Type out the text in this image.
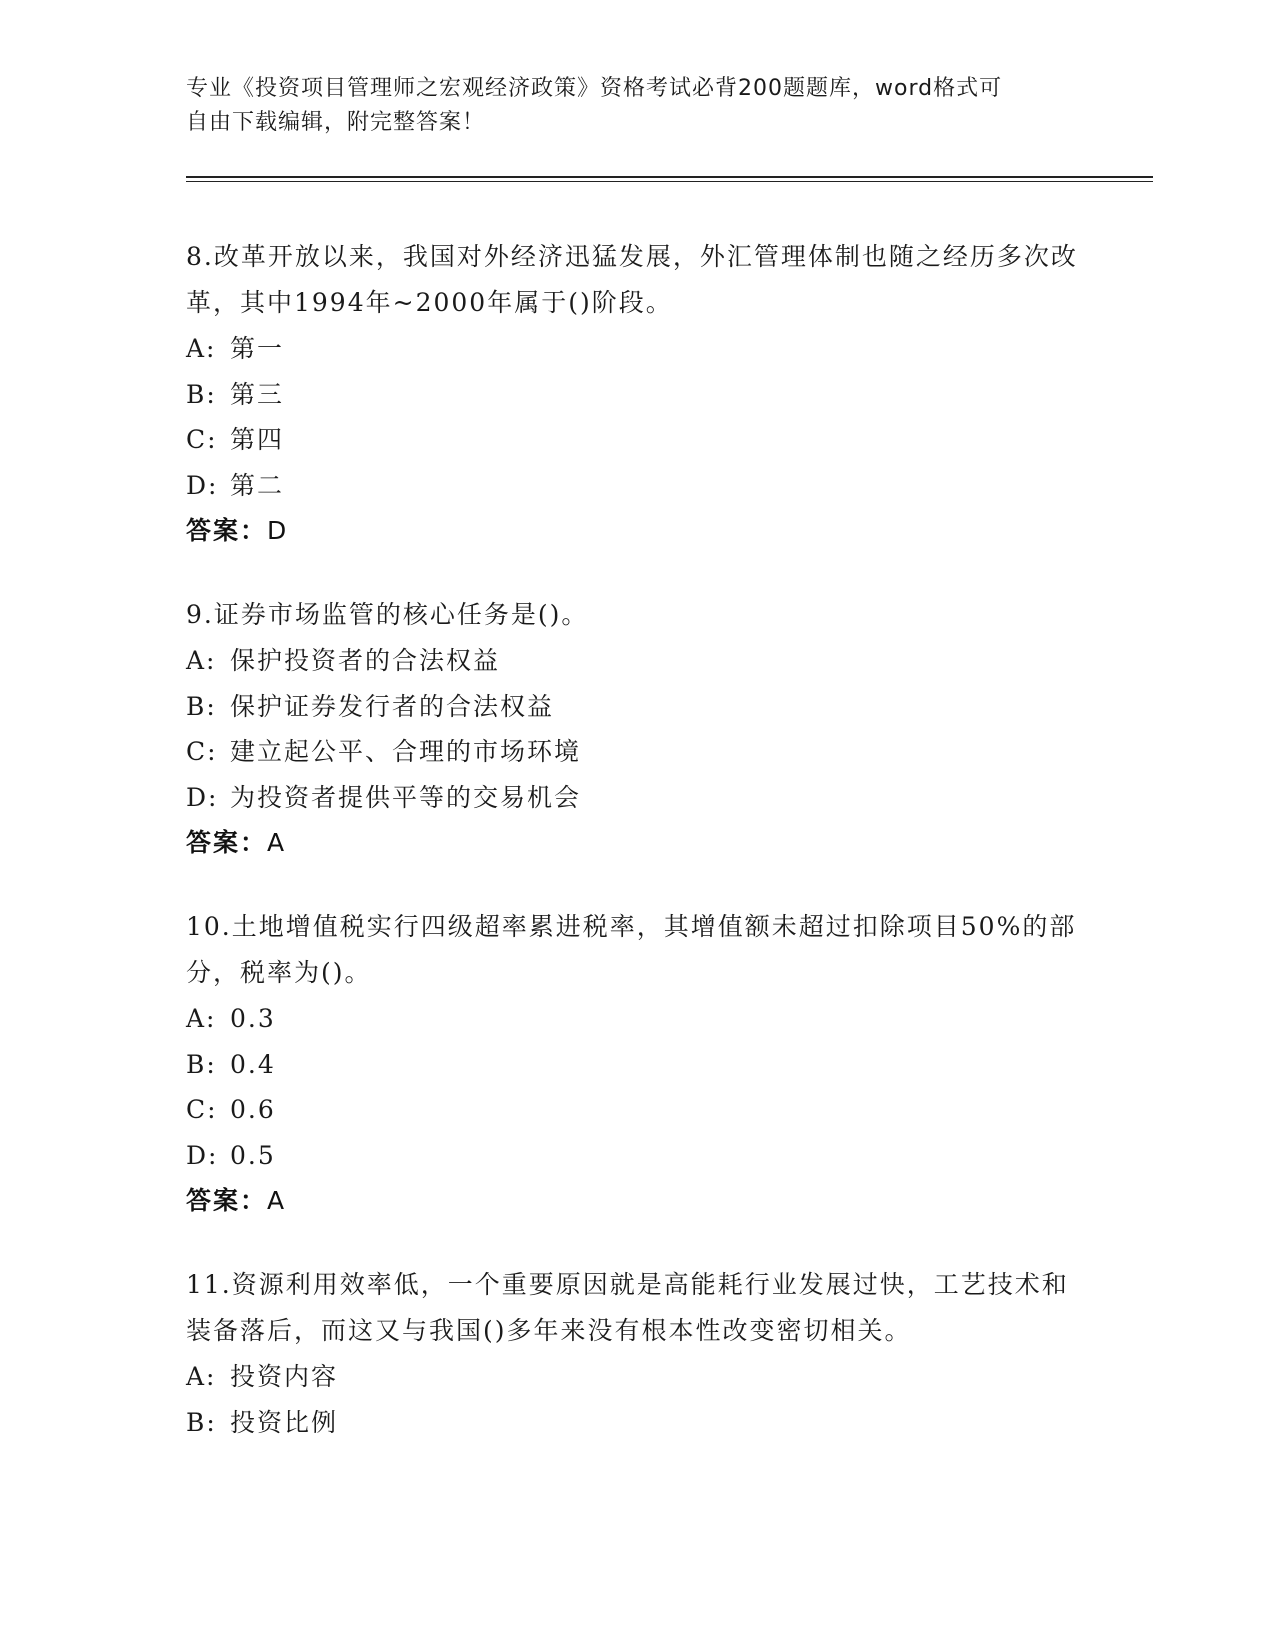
专业《投资项目管理师之宏观经济政策》资格考试必背200题题库，word格式可
自由下载编辑，附完整答案！

8.改革开放以来，我国对外经济迅猛发展，外汇管理体制也随之经历多次改革，其中1994年~2000年属于()阶段。

A: 第一
B: 第三
C: 第四
D: 第二
答案：D

9.证券市场监管的核心任务是()。

A: 保护投资者的合法权益
B: 保护证券发行者的合法权益
C: 建立起公平、合理的市场环境
D: 为投资者提供平等的交易机会
答案：A

10.土地增值税实行四级超率累进税率，其增值额未超过扣除项目50%的部分，税率为()。

A: 0.3
B: 0.4
C: 0.6
D: 0.5
答案：A

11.资源利用效率低，一个重要原因就是高能耗行业发展过快，工艺技术和装备落后，而这又与我国()多年来没有根本性改变密切相关。

A: 投资内容
B: 投资比例
